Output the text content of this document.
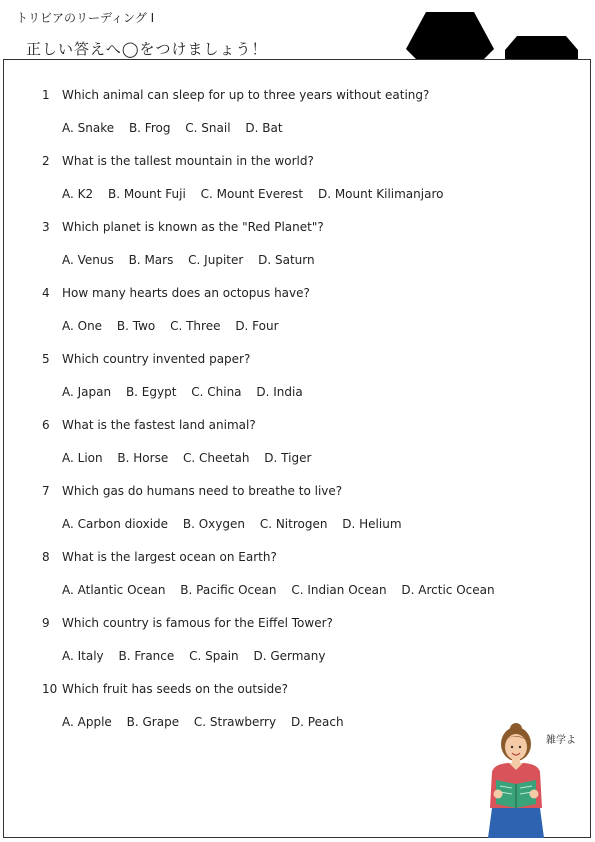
トリビアのリーディング Ⅰ
正しい答えへ◯をつけましょう！
1 Which animal can sleep for up to three years without eating?
A. Snake B. Frog C. Snail D. Bat
2 What is the tallest mountain in the world?
A. K2 B. Mount Fuji C. Mount Everest D. Mount Kilimanjaro
3 Which planet is known as the "Red Planet"?
A. Venus B. Mars C. Jupiter D. Saturn
4 How many hearts does an octopus have?
A. One B. Two C. Three D. Four
5 Which country invented paper?
A. Japan B. Egypt C. China D. India
6 What is the fastest land animal?
A. Lion B. Horse C. Cheetah D. Tiger
7 Which gas do humans need to breathe to live?
A. Carbon dioxide B. Oxygen C. Nitrogen D. Helium
8 What is the largest ocean on Earth?
A. Atlantic Ocean B. Pacific Ocean C. Indian Ocean D. Arctic Ocean
9 Which country is famous for the Eiffel Tower?
A. Italy B. France C. Spain D. Germany
10 Which fruit has seeds on the outside?
A. Apple B. Grape C. Strawberry D. Peach
雑学よ
